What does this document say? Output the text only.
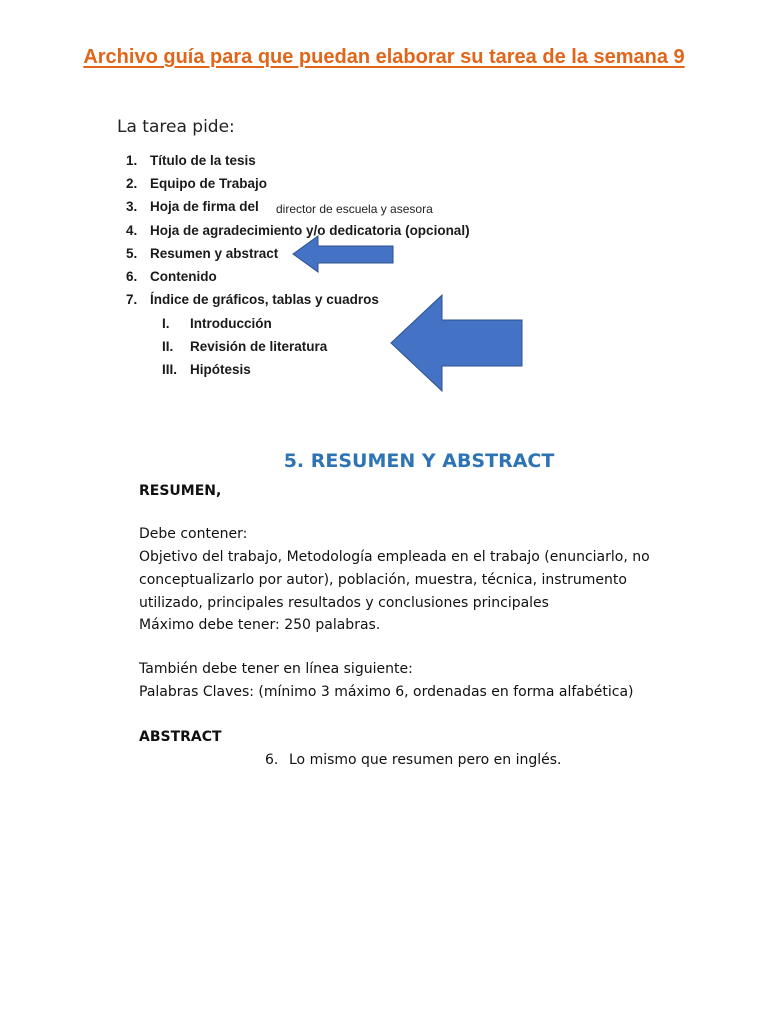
Archivo guía para que puedan elaborar su tarea de la semana 9
La tarea pide:
1. Título de la tesis
2. Equipo de Trabajo
3. Hoja de firma del
4. Hoja de agradecimiento y/o dedicatoria (opcional)
5. Resumen y abstract
6. Contenido
7. Índice de gráficos, tablas y cuadros
I. Introducción
II. Revisión de literatura
III. Hipótesis
director de escuela y asesora
5. RESUMEN Y ABSTRACT
RESUMEN,
Debe contener:
Objetivo del trabajo, Metodología empleada en el trabajo (enunciarlo, no
conceptualizarlo por autor), población, muestra, técnica, instrumento
utilizado, principales resultados y conclusiones principales
Máximo debe tener: 250 palabras.
También debe tener en línea siguiente:
Palabras Claves: (mínimo 3 máximo 6, ordenadas en forma alfabética)
ABSTRACT
6. Lo mismo que resumen pero en inglés.
